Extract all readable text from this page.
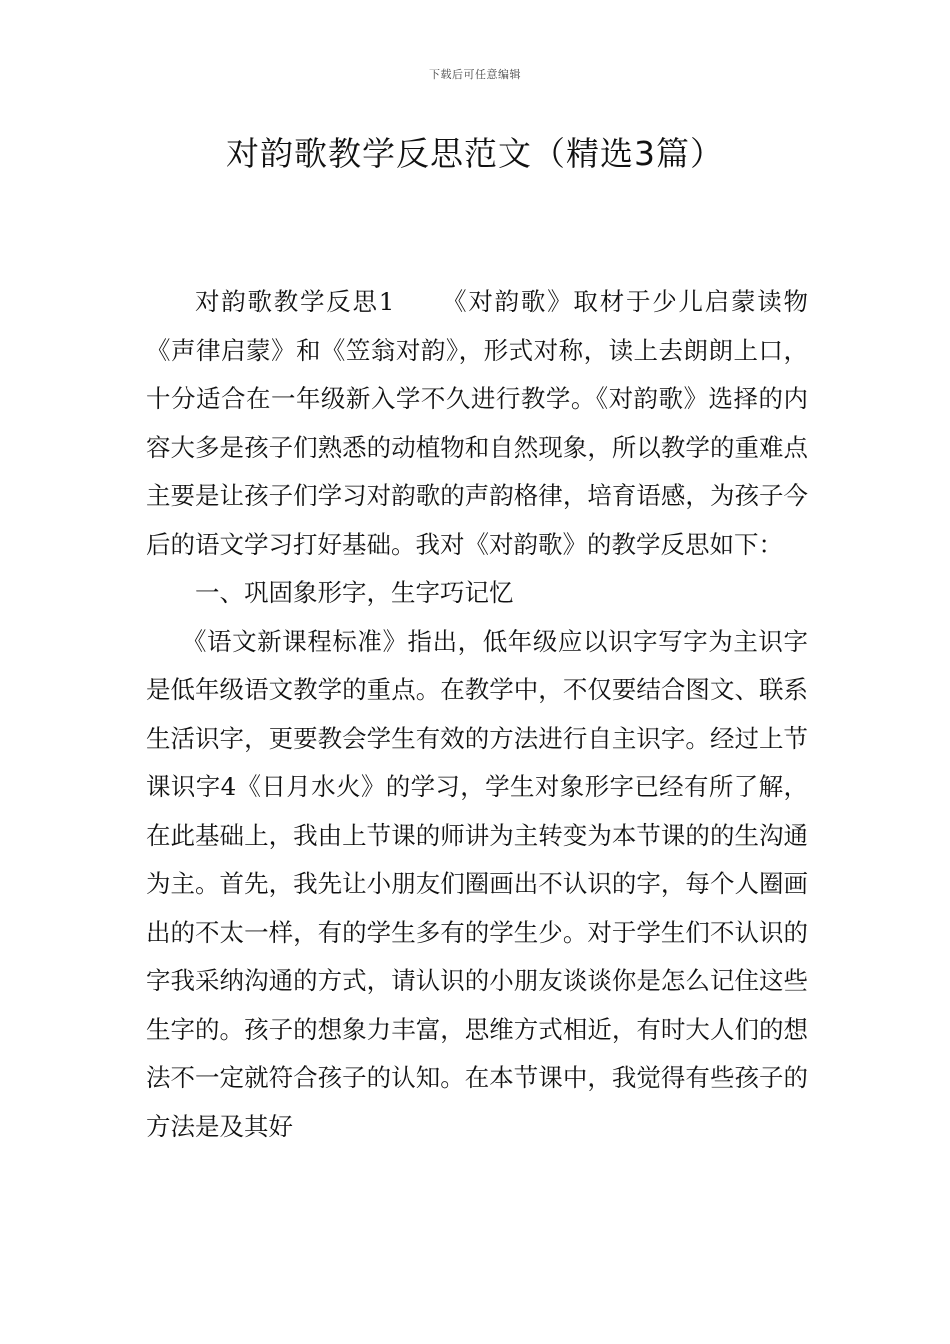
下载后可任意编辑
对韵歌教学反思范文（精选3篇）

对韵歌教学反思1 《对韵歌》取材于少儿启蒙读物《声律启蒙》和《笠翁对韵》，形式对称，读上去朗朗上口，十分适合在一年级新入学不久进行教学。《对韵歌》选择的内容大多是孩子们熟悉的动植物和自然现象，所以教学的重难点主要是让孩子们学习对韵歌的声韵格律，培育语感，为孩子今后的语文学习打好基础。我对《对韵歌》的教学反思如下：

一、巩固象形字，生字巧记忆

《语文新课程标准》指出，低年级应以识字写字为主识字是低年级语文教学的重点。在教学中，不仅要结合图文、联系生活识字，更要教会学生有效的方法进行自主识字。经过上节课识字4《日月水火》的学习，学生对象形字已经有所了解，在此基础上，我由上节课的师讲为主转变为本节课的的生沟通为主。首先，我先让小朋友们圈画出不认识的字，每个人圈画出的不太一样，有的学生多有的学生少。对于学生们不认识的字我采纳沟通的方式，请认识的小朋友谈谈你是怎么记住这些生字的。孩子的想象力丰富，思维方式相近，有时大人们的想法不一定就符合孩子的认知。在本节课中，我觉得有些孩子的方法是及其好
